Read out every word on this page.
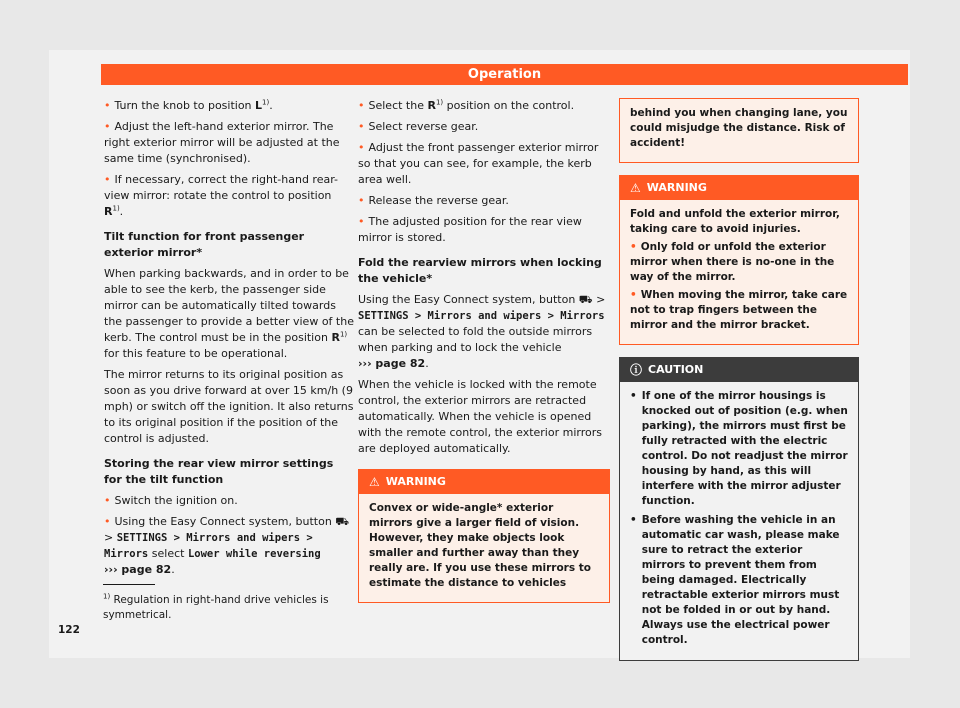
Operation

• Turn the knob to position $L^{1)}$.

• Adjust the left-hand exterior mirror. The right exterior mirror will be adjusted at the same time (synchronised).

• If necessary, correct the right-hand rear-view mirror: rotate the control to position $R^{1)}$.

Tilt function for front passenger exterior mirror*

When parking backwards, and in order to be able to see the kerb, the passenger side mirror can be automatically tilted towards the passenger to provide a better view of the kerb. The control must be in the position $R^{1)}$ for this feature to be operational.

The mirror returns to its original position as soon as you drive forward at over 15 km/h (9 mph) or switch off the ignition. It also returns to its original position if the position of the control is adjusted.

Storing the rear view mirror settings for the tilt function

• Switch the ignition on.

• Using the Easy Connect system, button ⛟ > SETTINGS > Mirrors and wipers > Mirrors select Lower while reversing
››› page 82.

• Select the $R^{1)}$ position on the control.

• Select reverse gear.

• Adjust the front passenger exterior mirror so that you can see, for example, the kerb area well.

• Release the reverse gear.

• The adjusted position for the rear view mirror is stored.

Fold the rearview mirrors when locking the vehicle*

Using the Easy Connect system, button ⛟ > SETTINGS > Mirrors and wipers > Mirrors can be selected to fold the outside mirrors when parking and to lock the vehicle
››› page 82.

When the vehicle is locked with the remote control, the exterior mirrors are retracted automatically. When the vehicle is opened with the remote control, the exterior mirrors are deployed automatically.

⚠ WARNING

Convex or wide-angle* exterior mirrors give a larger field of vision. However, they make objects look smaller and further away than they really are. If you use these mirrors to estimate the distance to vehicles

behind you when changing lane, you could misjudge the distance. Risk of accident!

⚠ WARNING

Fold and unfold the exterior mirror, taking care to avoid injuries.

• Only fold or unfold the exterior mirror when there is no-one in the way of the mirror.

• When moving the mirror, take care not to trap fingers between the mirror and the mirror bracket.

ⓘ CAUTION
• If one of the mirror housings is knocked out of position (e.g. when parking), the mirrors must first be fully retracted with the electric control. Do not readjust the mirror housing by hand, as this will interfere with the mirror adjuster function.
• Before washing the vehicle in an automatic car wash, please make sure to retract the exterior mirrors to prevent them from being damaged. Electrically retractable exterior mirrors must not be folded in or out by hand. Always use the electrical power control.
$^{1)}$ Regulation in right-hand drive vehicles is symmetrical.
122
